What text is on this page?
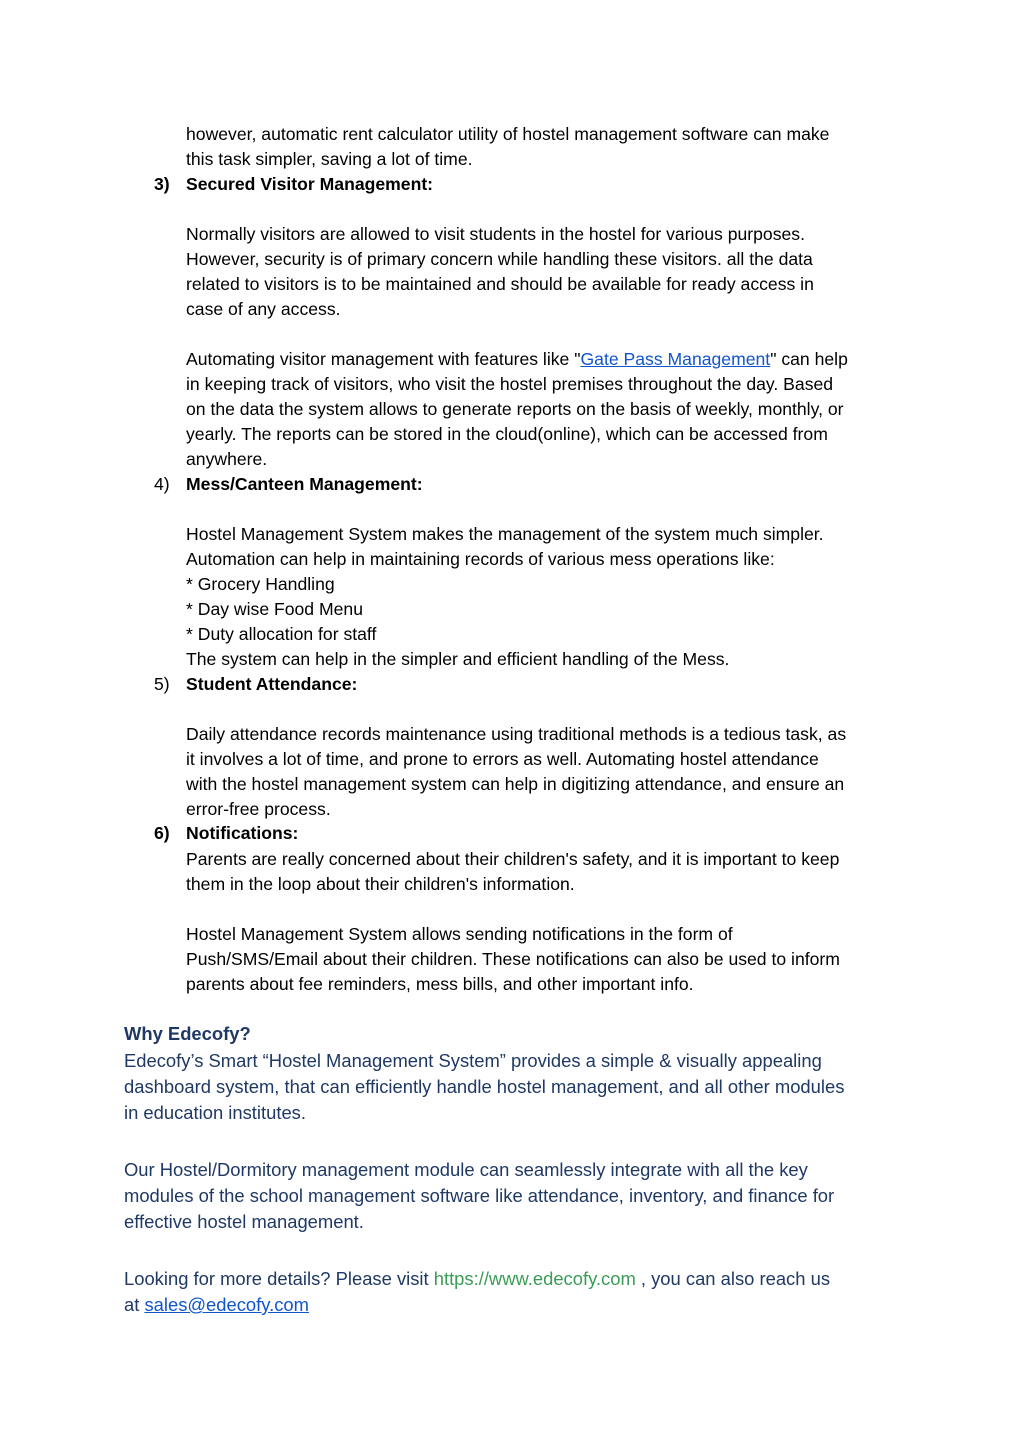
however, automatic rent calculator utility of hostel management software can make
this task simpler, saving a lot of time.
3) Secured Visitor Management:
Normally visitors are allowed to visit students in the hostel for various purposes.
However, security is of primary concern while handling these visitors. all the data
related to visitors is to be maintained and should be available for ready access in
case of any access.
Automating visitor management with features like "Gate Pass Management" can help
in keeping track of visitors, who visit the hostel premises throughout the day. Based
on the data the system allows to generate reports on the basis of weekly, monthly, or
yearly. The reports can be stored in the cloud(online), which can be accessed from
anywhere.
4) Mess/Canteen Management:
Hostel Management System makes the management of the system much simpler.
Automation can help in maintaining records of various mess operations like:
* Grocery Handling
* Day wise Food Menu
* Duty allocation for staff
The system can help in the simpler and efficient handling of the Mess.
5) Student Attendance:
Daily attendance records maintenance using traditional methods is a tedious task, as
it involves a lot of time, and prone to errors as well. Automating hostel attendance
with the hostel management system can help in digitizing attendance, and ensure an
error-free process.
6) Notifications:
Parents are really concerned about their children's safety, and it is important to keep
them in the loop about their children's information.
Hostel Management System allows sending notifications in the form of
Push/SMS/Email about their children. These notifications can also be used to inform
parents about fee reminders, mess bills, and other important info.
Why Edecofy?
Edecofy’s Smart “Hostel Management System” provides a simple & visually appealing
dashboard system, that can efficiently handle hostel management, and all other modules
in education institutes.
Our Hostel/Dormitory management module can seamlessly integrate with all the key
modules of the school management software like attendance, inventory, and finance for
effective hostel management.
Looking for more details? Please visit https://www.edecofy.com , you can also reach us
at sales@edecofy.com
